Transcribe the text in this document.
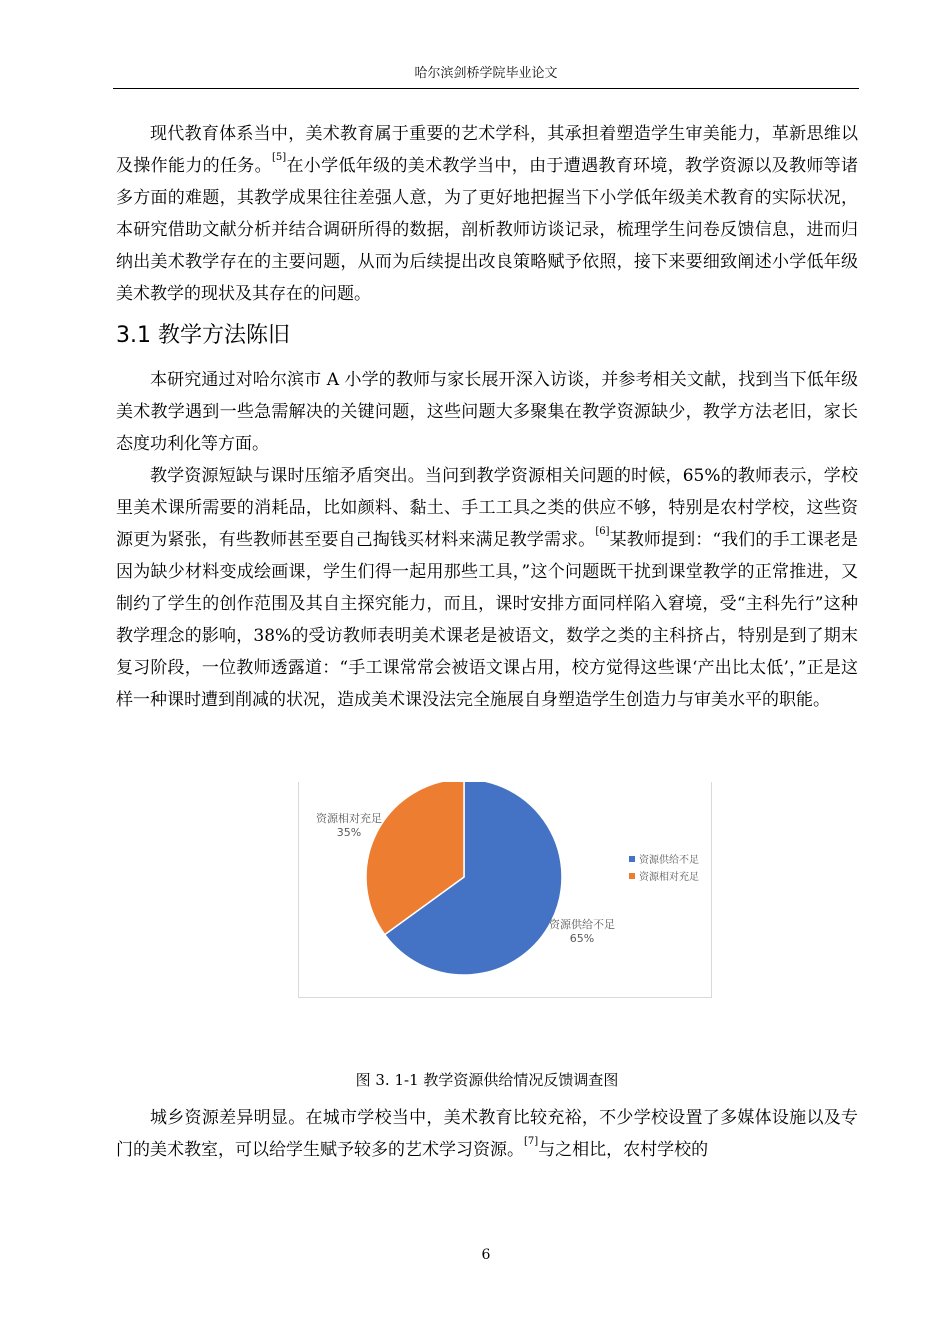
哈尔滨剑桥学院毕业论文

现代教育体系当中，美术教育属于重要的艺术学科，其承担着塑造学生审美能力，革新思维以及操作能力的任务。[5]在小学低年级的美术教学当中，由于遭遇教育环境，教学资源以及教师等诸多方面的难题，其教学成果往往差强人意，为了更好地把握当下小学低年级美术教育的实际状况，本研究借助文献分析并结合调研所得的数据，剖析教师访谈记录，梳理学生问卷反馈信息，进而归纳出美术教学存在的主要问题，从而为后续提出改良策略赋予依照，接下来要细致阐述小学低年级美术教学的现状及其存在的问题。

3.1 教学方法陈旧

本研究通过对哈尔滨市 A 小学的教师与家长展开深入访谈，并参考相关文献，找到当下低年级美术教学遇到一些急需解决的关键问题，这些问题大多聚集在教学资源缺少，教学方法老旧，家长态度功利化等方面。

教学资源短缺与课时压缩矛盾突出。当问到教学资源相关问题的时候，65%的教师表示，学校里美术课所需要的消耗品，比如颜料、黏土、手工工具之类的供应不够，特别是农村学校，这些资源更为紧张，有些教师甚至要自己掏钱买材料来满足教学需求。[6]某教师提到：“我们的手工课老是因为缺少材料变成绘画课，学生们得一起用那些工具，”这个问题既干扰到课堂教学的正常推进，又制约了学生的创作范围及其自主探究能力，而且，课时安排方面同样陷入窘境，受“主科先行”这种教学理念的影响，38%的受访教师表明美术课老是被语文，数学之类的主科挤占，特别是到了期末复习阶段，一位教师透露道：“手工课常常会被语文课占用，校方觉得这些课‘产出比太低’，”正是这样一种课时遭到削减的状况，造成美术课没法完全施展自身塑造学生创造力与审美水平的职能。

资源供给不足
65%
资源相对充足
35%
资源供给不足
资源相对充足
图 3. 1-1 教学资源供给情况反馈调查图

城乡资源差异明显。在城市学校当中，美术教育比较充裕，不少学校设置了多媒体设施以及专门的美术教室，可以给学生赋予较多的艺术学习资源。[7]与之相比，农村学校的

6
